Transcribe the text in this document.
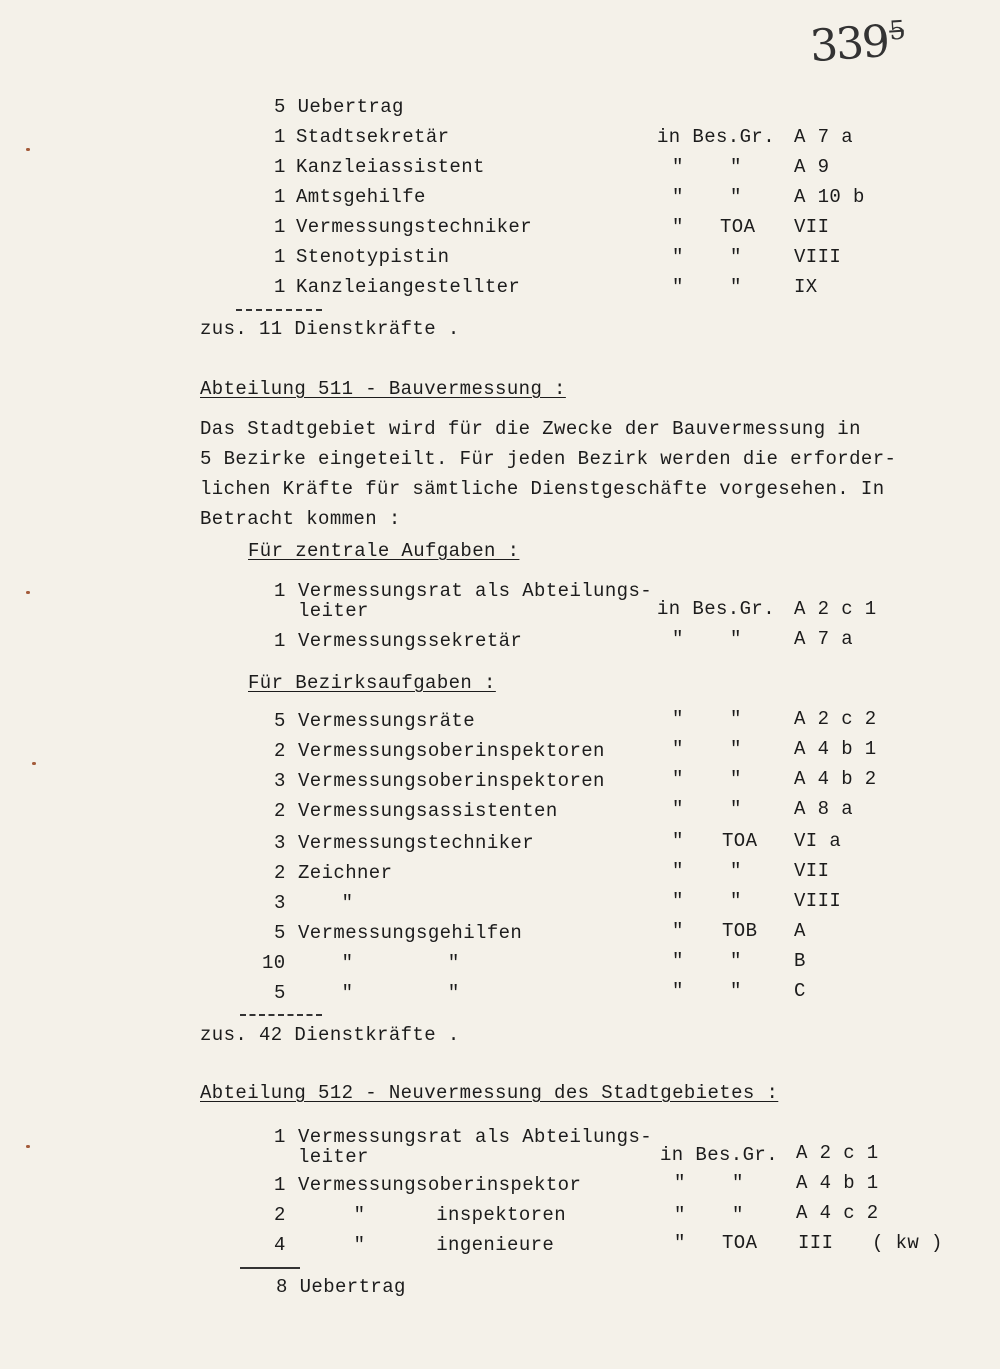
$339^5$
5 Uebertrag
1 Stadtsekretär	in Bes.Gr. A 7 a
1 Kanzleiassistent	" "	A 9
1 Amtsgehilfe	" "	A 10 b
1 Vermessungstechniker	" TOA VII
1 Stenotypistin	" "	VIII
1 Kanzleiangestellter	" "	IX
zus. 11 Dienstkräfte .
Abteilung 511 - Bauvermessung :
Das Stadtgebiet wird für die Zwecke der Bauvermessung in
5 Bezirke eingeteilt. Für jeden Bezirk werden die erforder-
lichen Kräfte für sämtliche Dienstgeschäfte vorgesehen. In
Betracht kommen :
Für zentrale Aufgaben :
1 Vermessungsrat als Abteilungs-
leiter	in Bes.Gr. A 2 c 1
1 Vermessungssekretär	" "	A 7 a
Für Bezirksaufgaben :
5 Vermessungsräte	" "	A 2 c 2
2 Vermessungsoberinspektoren	" "	A 4 b 1
3 Vermessungsoberinspektoren	" "	A 4 b 2
2 Vermessungsassistenten	" "	A 8 a
3 Vermessungstechniker	" TOA VI a
2 Zeichner	" "	VII
3 "	" "	VIII
5 Vermessungsgehilfen	" TOB A
10 "        "	" "	B
5 "        "	" "	C
zus. 42 Dienstkräfte .
Abteilung 512 - Neuvermessung des Stadtgebietes :
1 Vermessungsrat als Abteilungs-
leiter	in Bes.Gr. A 2 c 1
1 Vermessungsoberinspektor	" "	A 4 b 1
2 "      inspektoren	" "	A 4 c 2
4 "      ingenieure	" TOA III ( kw )
8 Uebertrag
